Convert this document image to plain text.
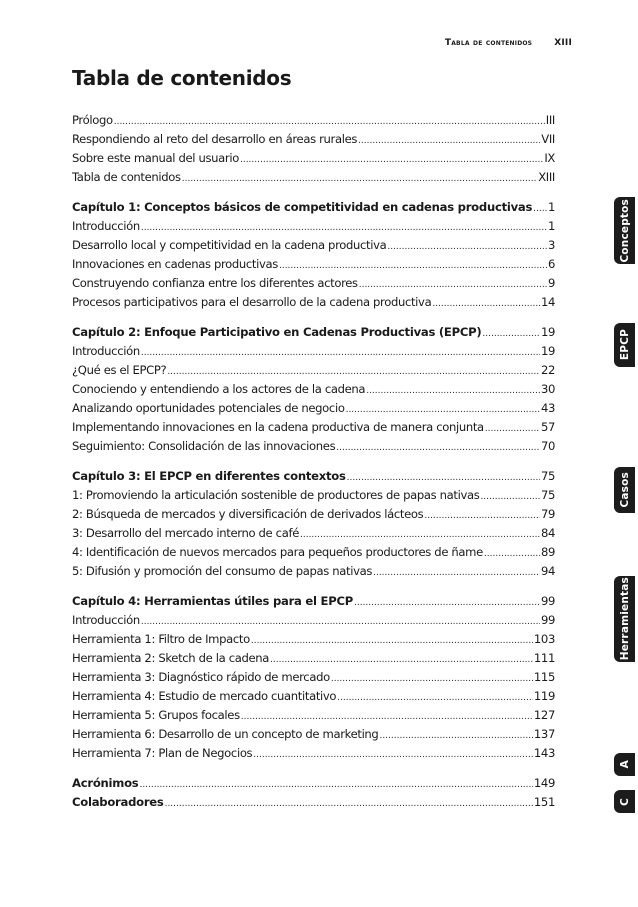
Tabla de contenidos XIII
Tabla de contenidos
Prólogo .....	III
Respondiendo al reto del desarrollo en áreas rurales .....	VII
Sobre este manual del usuario .....	IX
Tabla de contenidos .....	XIII
Capítulo 1: Conceptos básicos de competitividad en cadenas productivas ..... 1
Introducción .....	1
Desarrollo local y competitividad en la cadena productiva .....	3
Innovaciones en cadenas productivas .....	6
Construyendo confianza entre los diferentes actores .....	9
Procesos participativos para el desarrollo de la cadena productiva .....	14
Capítulo 2: Enfoque Participativo en Cadenas Productivas (EPCP) .....	19
Introducción .....	19
¿Qué es el EPCP? .....	22
Conociendo y entendiendo a los actores de la cadena .....	30
Analizando oportunidades potenciales de negocio .....	43
Implementando innovaciones en la cadena productiva de manera conjunta .....	57
Seguimiento: Consolidación de las innovaciones .....	70
Capítulo 3: El EPCP en diferentes contextos .....	75
1: Promoviendo la articulación sostenible de productores de papas nativas .....	75
2: Búsqueda de mercados y diversificación de derivados lácteos .....	79
3: Desarrollo del mercado interno de café .....	84
4: Identificación de nuevos mercados para pequeños productores de ñame .....	89
5: Difusión y promoción del consumo de papas nativas .....	94
Capítulo 4: Herramientas útiles para el EPCP .....	99
Introducción .....	99
Herramienta 1: Filtro de Impacto .....	103
Herramienta 2: Sketch de la cadena .....	111
Herramienta 3: Diagnóstico rápido de mercado .....	115
Herramienta 4: Estudio de mercado cuantitativo .....	119
Herramienta 5: Grupos focales .....	127
Herramienta 6: Desarrollo de un concepto de marketing .....	137
Herramienta 7: Plan de Negocios .....	143
Acrónimos .....	149
Colaboradores .....	151
Conceptos
EPCP
Casos
Herramientas
A
C
